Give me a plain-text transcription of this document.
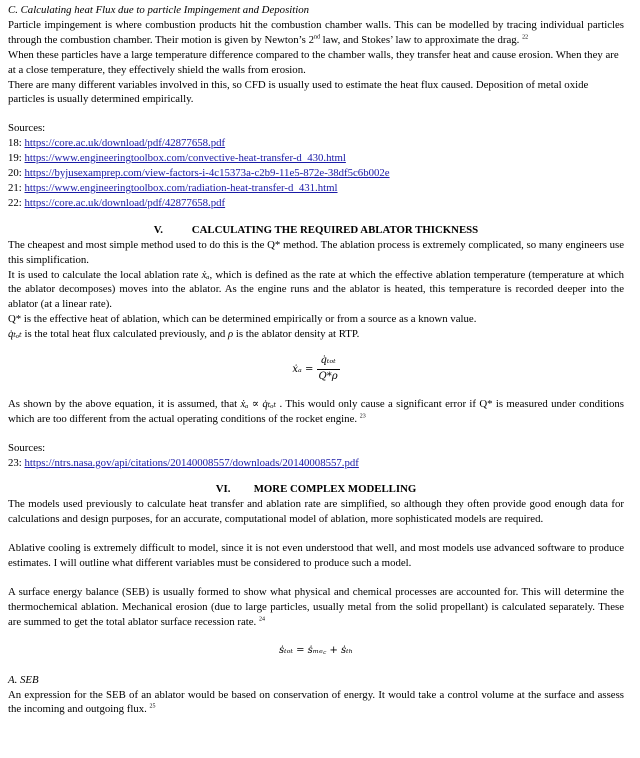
C. Calculating heat Flux due to particle Impingement and Deposition

Particle impingement is where combustion products hit the combustion chamber walls. This can be modelled by tracing individual particles through the combustion chamber. Their motion is given by Newton’s 2nd law, and Stokes’ law to approximate the drag. $^{22}$

When these particles have a large temperature difference compared to the chamber walls, they transfer heat and cause erosion. When they are at a close temperature, they effectively shield the walls from erosion.

There are many different variables involved in this, so CFD is usually used to estimate the heat flux caused. Deposition of metal oxide particles is usually determined empirically.

Sources:

18: https://core.ac.uk/download/pdf/42877658.pdf

19: https://www.engineeringtoolbox.com/convective-heat-transfer-d_430.html

20: https://byjusexamprep.com/view-factors-i-4c15373a-c2b9-11e5-872e-38df5c6b002e

21: https://www.engineeringtoolbox.com/radiation-heat-transfer-d_431.html

22: https://core.ac.uk/download/pdf/42877658.pdf

V.	CALCULATING THE REQUIRED ABLATOR THICKNESS

The cheapest and most simple method used to do this is the Q* method. The ablation process is extremely complicated, so many engineers use this simplification.

It is used to calculate the local ablation rate ẋₐ, which is defined as the rate at which the effective ablation temperature (temperature at which the ablator decomposes) moves into the ablator. As the engine runs and the ablator is heated, this temperature is recorded deeper into the ablator (at a linear rate).

Q* is the effective heat of ablation, which can be determined empirically or from a source as a known value.

q̇ₜₒₜ is the total heat flux calculated previously, and ρ is the ablator density at RTP.

ẋₐ = $\frac{\text{q̇ₜₒₜ}}{Q*\rho}$

As shown by the above equation, it is assumed, that ẋₐ ∝ q̇ₜₒₜ . This would only cause a significant error if Q* is measured under conditions which are too different from the actual operating conditions of the rocket engine. $^{23}$

Sources:

23: https://ntrs.nasa.gov/api/citations/20140008557/downloads/20140008557.pdf

VI. MORE COMPLEX MODELLING

The models used previously to calculate heat transfer and ablation rate are simplified, so although they often provide good enough data for calculations and design purposes, for an accurate, computational model of ablation, more sophisticated models are required.

Ablative cooling is extremely difficult to model, since it is not even understood that well, and most models use advanced software to produce estimates. I will outline what different variables must be considered to produce such a model.

A surface energy balance (SEB) is usually formed to show what physical and chemical processes are accounted for. This will determine the thermochemical ablation. Mechanical erosion (due to large particles, usually metal from the solid propellant) is calculated separately. These are summed to get the total ablator surface recession rate. $^{24}$

ṡₜₒₜ = ṡₘₑ꜀ + ṡₜₕ

A. SEB

An expression for the SEB of an ablator would be based on conservation of energy. It would take a control volume at the surface and assess the incoming and outgoing flux. $^{25}$
